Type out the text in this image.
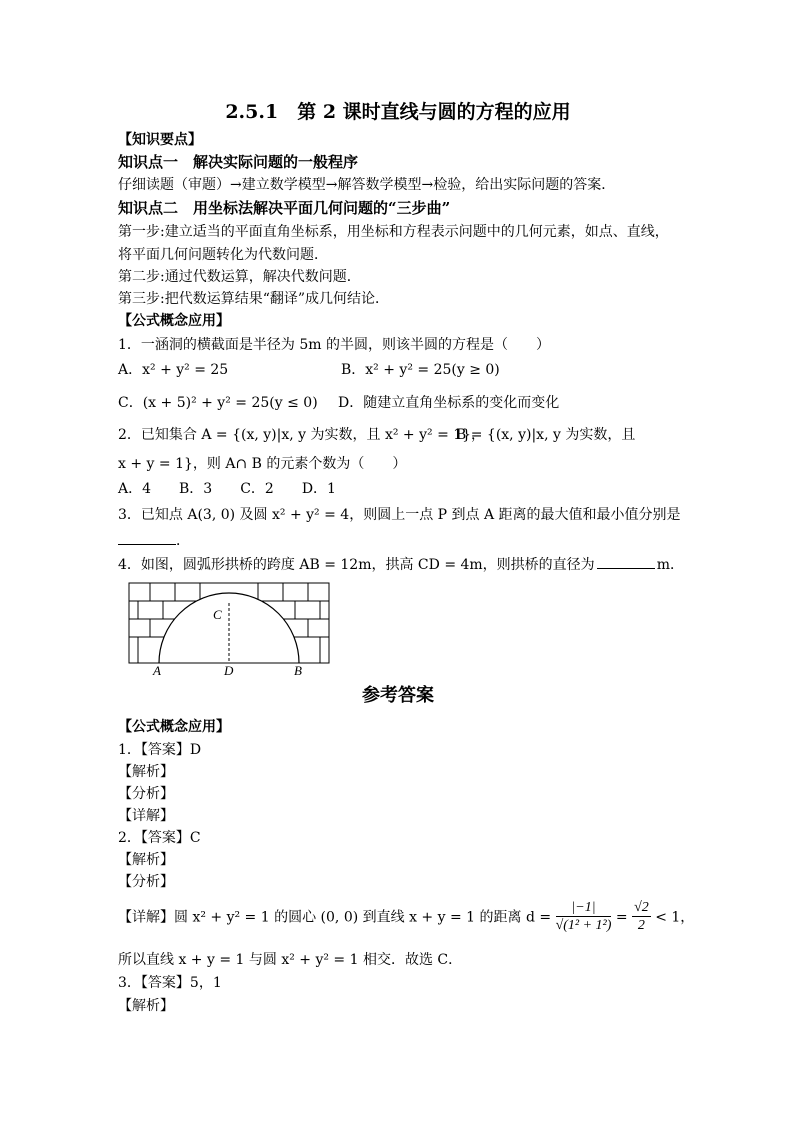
2.5.1　第 2 课时直线与圆的方程的应用
【知识要点】
知识点一　解决实际问题的一般程序
仔细读题（审题）→建立数学模型→解答数学模型→检验，给出实际问题的答案．
知识点二　用坐标法解决平面几何问题的“三步曲”
第一步:建立适当的平面直角坐标系，用坐标和方程表示问题中的几何元素，如点、直线，
将平面几何问题转化为代数问题．
第二步:通过代数运算，解决代数问题．
第三步:把代数运算结果“翻译”成几何结论．
【公式概念应用】
1．一涵洞的横截面是半径为 5m 的半圆，则该半圆的方程是（　　）
A．x² + y² = 25	B．x² + y² = 25(y ≥ 0)
C．(x + 5)² + y² = 25(y ≤ 0) D．随建立直角坐标系的变化而变化
2．已知集合 A = {(x, y)|x, y 为实数，且 x² + y² = 1}，
B = {(x, y)|x, y 为实数，且
x + y = 1}，则 A∩ B 的元素个数为（　　）
A．4　　B．3　　C．2　　D．1
3．已知点 A(3, 0) 及圆 x² + y² = 4，则圆上一点 P 到点 A 距离的最大值和最小值分别是
．
4．如图，圆弧形拱桥的跨度 AB = 12m，拱高 CD = 4m，则拱桥的直径为	m．
C
A	D	B
参考答案
【公式概念应用】
1．【答案】D
【解析】
【分析】
【详解】
2．【答案】C
【解析】
【分析】
【详解】圆 x² + y² = 1 的圆心 (0, 0) 到直线 x + y = 1 的距离 $d = \frac{|-1|}{\text{√(1² + 1²)}} = \frac{√2}{2} < 1$，
所以直线 x + y = 1 与圆 x² + y² = 1 相交．故选 C．
3．【答案】5，1
【解析】
